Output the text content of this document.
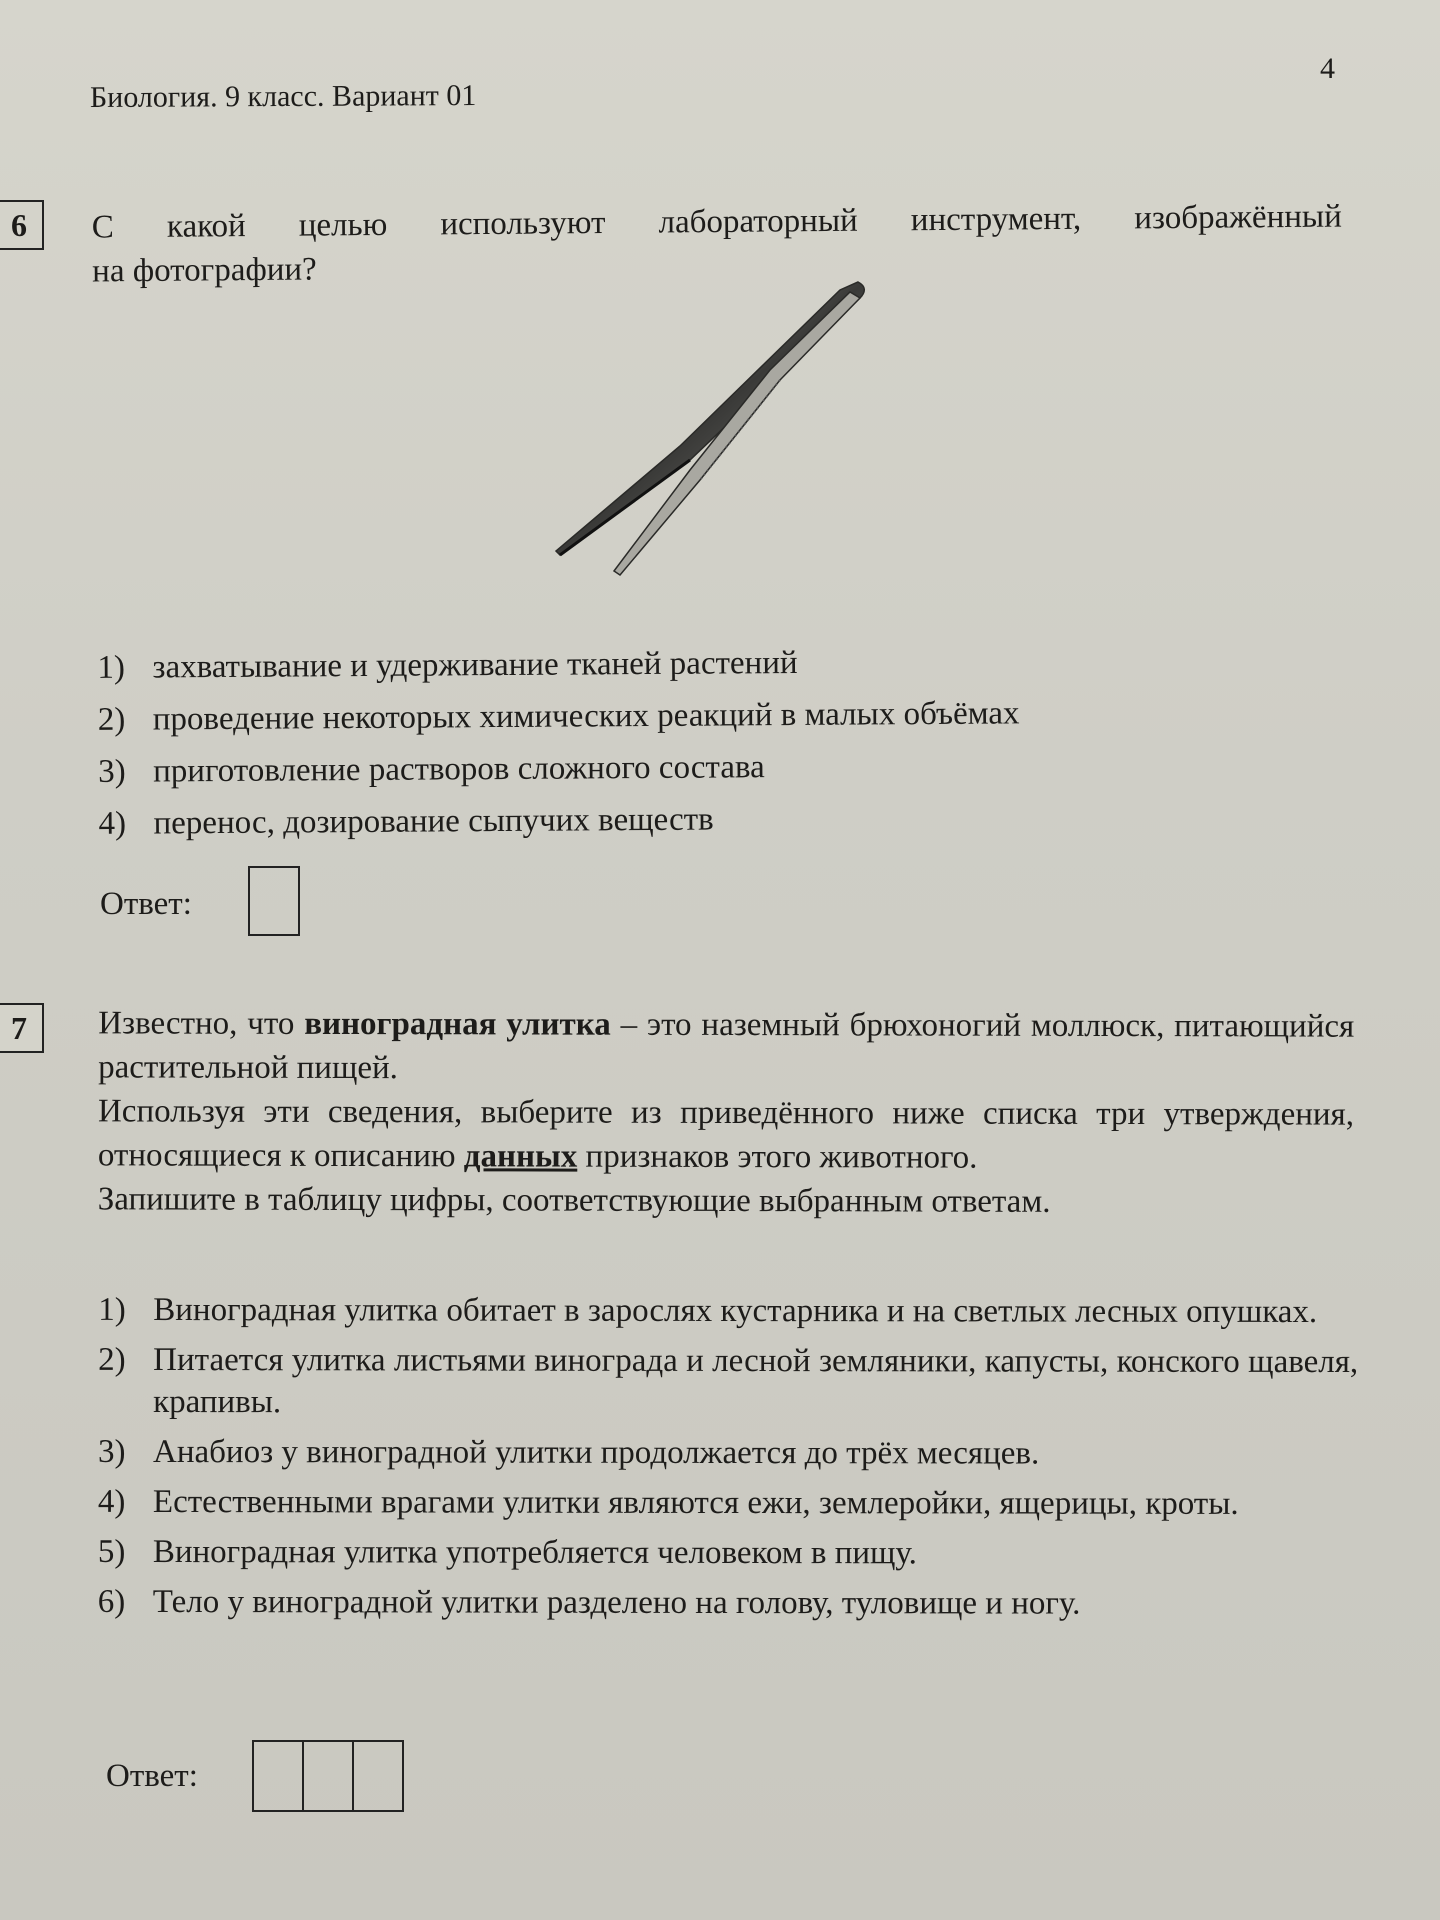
4
Биология. 9 класс. Вариант 01
6	С какой целью используют лабораторный инструмент, изображённый
на фотографии?
1) захватывание и удерживание тканей растений
2) проведение некоторых химических реакций в малых объёмах
3) приготовление растворов сложного состава
4) перенос, дозирование сыпучих веществ
Ответ:
7	Известно, что виноградная улитка – это наземный брюхоногий моллюск, питающийся растительной пищей.

Используя эти сведения, выберите из приведённого ниже списка три утверждения, относящиеся к описанию данных признаков этого животного.

Запишите в таблицу цифры, соответствующие выбранным ответам.

1) Виноградная улитка обитает в зарослях кустарника и на светлых лесных опушках.
2) Питается улитка листьями винограда и лесной земляники, капусты, конского щавеля, крапивы.
3) Анабиоз у виноградной улитки продолжается до трёх месяцев.
4) Естественными врагами улитки являются ежи, землеройки, ящерицы, кроты.
5) Виноградная улитка употребляется человеком в пищу.
6) Тело у виноградной улитки разделено на голову, туловище и ногу.
Ответ:
